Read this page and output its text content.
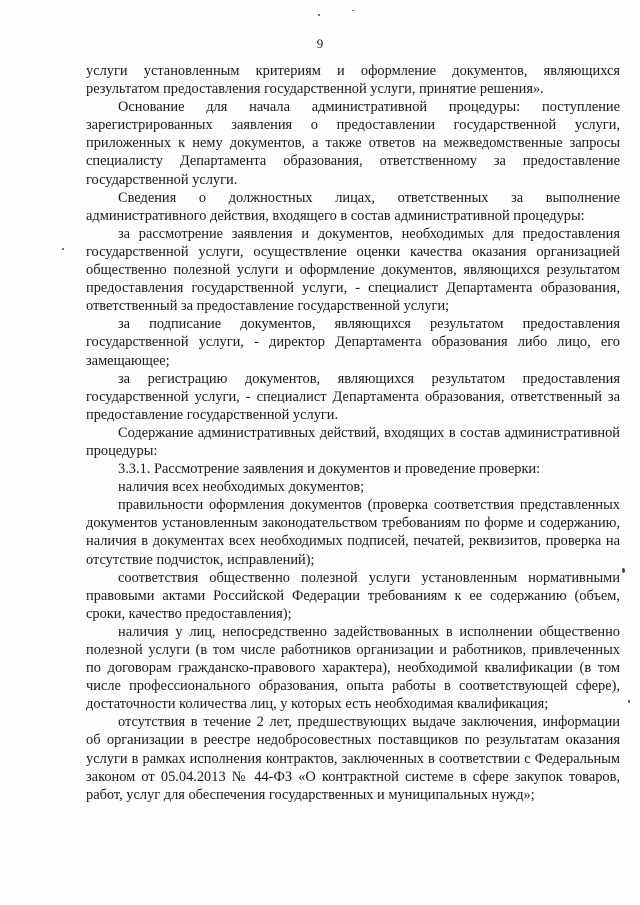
9

услуги установленным критериям и оформление документов, являющихся результатом предоставления государственной услуги, принятие решения».

Основание для начала административной процедуры: поступление зарегистрированных заявления о предоставлении государственной услуги, приложенных к нему документов, а также ответов на межведомственные запросы специалисту Департамента образования, ответственному за предоставление государственной услуги.

Сведения о должностных лицах, ответственных за выполнение административного действия, входящего в состав административной процедуры:

за рассмотрение заявления и документов, необходимых для предоставления государственной услуги, осуществление оценки качества оказания организацией общественно полезной услуги и оформление документов, являющихся результатом предоставления государственной услуги, - специалист Департамента образования, ответственный за предоставление государственной услуги;

за подписание документов, являющихся результатом предоставления государственной услуги, - директор Департамента образования либо лицо, его замещающее;

за регистрацию документов, являющихся результатом предоставления государственной услуги, - специалист Департамента образования, ответственный за предоставление государственной услуги.

Содержание административных действий, входящих в состав административной процедуры:

3.3.1. Рассмотрение заявления и документов и проведение проверки:

наличия всех необходимых документов;

правильности оформления документов (проверка соответствия представленных документов установленным законодательством требованиям по форме и содержанию, наличия в документах всех необходимых подписей, печатей, реквизитов, проверка на отсутствие подчисток, исправлений);

соответствия общественно полезной услуги установленным нормативными правовыми актами Российской Федерации требованиям к ее содержанию (объем, сроки, качество предоставления);

наличия у лиц, непосредственно задействованных в исполнении общественно полезной услуги (в том числе работников организации и работников, привлеченных по договорам гражданско-правового характера), необходимой квалификации (в том числе профессионального образования, опыта работы в соответствующей сфере), достаточности количества лиц, у которых есть необходимая квалификация;

отсутствия в течение 2 лет, предшествующих выдаче заключения, информации об организации в реестре недобросовестных поставщиков по результатам оказания услуги в рамках исполнения контрактов, заключенных в соответствии с Федеральным законом от 05.04.2013 № 44-ФЗ «О контрактной системе в сфере закупок товаров, работ, услуг для обеспечения государственных и муниципальных нужд»;
